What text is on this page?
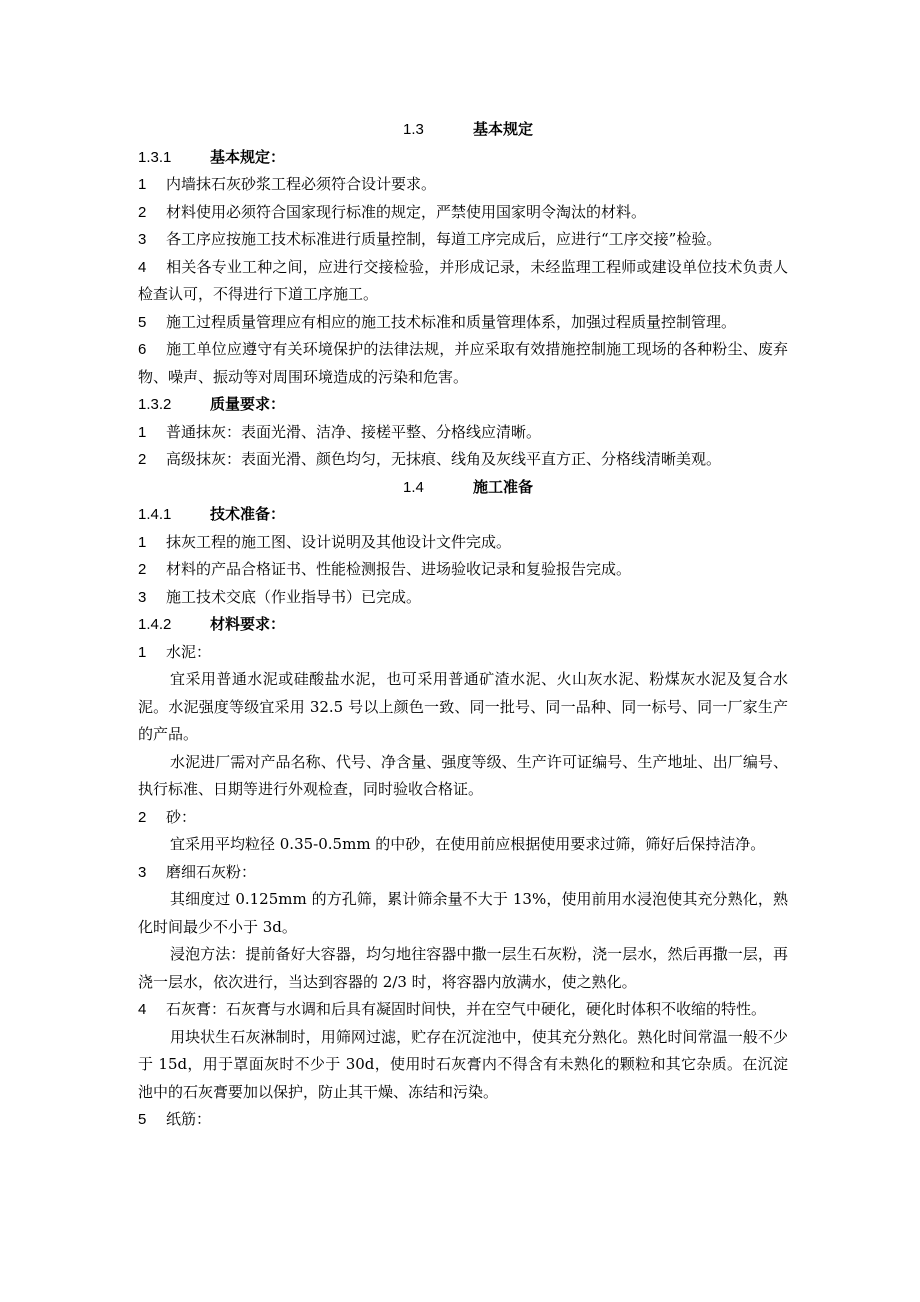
1.3	基本规定

1.3.1	基本规定：

1 内墙抹石灰砂浆工程必须符合设计要求。

2 材料使用必须符合国家现行标准的规定，严禁使用国家明令淘汰的材料。

3 各工序应按施工技术标准进行质量控制，每道工序完成后，应进行“工序交接”检验。

4 相关各专业工种之间，应进行交接检验，并形成记录，未经监理工程师或建设单位技术负责人检查认可，不得进行下道工序施工。

5 施工过程质量管理应有相应的施工技术标准和质量管理体系，加强过程质量控制管理。

6 施工单位应遵守有关环境保护的法律法规，并应采取有效措施控制施工现场的各种粉尘、废弃物、噪声、振动等对周围环境造成的污染和危害。

1.3.2	质量要求：

1 普通抹灰：表面光滑、洁净、接槎平整、分格线应清晰。

2 高级抹灰：表面光滑、颜色均匀，无抹痕、线角及灰线平直方正、分格线清晰美观。

1.4	施工准备

1.4.1	技术准备：

1 抹灰工程的施工图、设计说明及其他设计文件完成。

2 材料的产品合格证书、性能检测报告、进场验收记录和复验报告完成。

3 施工技术交底（作业指导书）已完成。

1.4.2	材料要求：

1 水泥：

宜采用普通水泥或硅酸盐水泥，也可采用普通矿渣水泥、火山灰水泥、粉煤灰水泥及复合水泥。水泥强度等级宜采用 32.5 号以上颜色一致、同一批号、同一品种、同一标号、同一厂家生产的产品。

水泥进厂需对产品名称、代号、净含量、强度等级、生产许可证编号、生产地址、出厂编号、执行标准、日期等进行外观检查，同时验收合格证。

2 砂：

宜采用平均粒径 0.35-0.5mm 的中砂，在使用前应根据使用要求过筛，筛好后保持洁净。

3 磨细石灰粉：

其细度过 0.125mm 的方孔筛，累计筛余量不大于 13%，使用前用水浸泡使其充分熟化，熟化时间最少不小于 3d。

浸泡方法：提前备好大容器，均匀地往容器中撒一层生石灰粉，浇一层水，然后再撒一层，再浇一层水，依次进行，当达到容器的 2/3 时，将容器内放满水，使之熟化。

4 石灰膏：石灰膏与水调和后具有凝固时间快，并在空气中硬化，硬化时体积不收缩的特性。

用块状生石灰淋制时，用筛网过滤，贮存在沉淀池中，使其充分熟化。熟化时间常温一般不少于 15d，用于罩面灰时不少于 30d，使用时石灰膏内不得含有未熟化的颗粒和其它杂质。在沉淀池中的石灰膏要加以保护，防止其干燥、冻结和污染。

5 纸筋：
